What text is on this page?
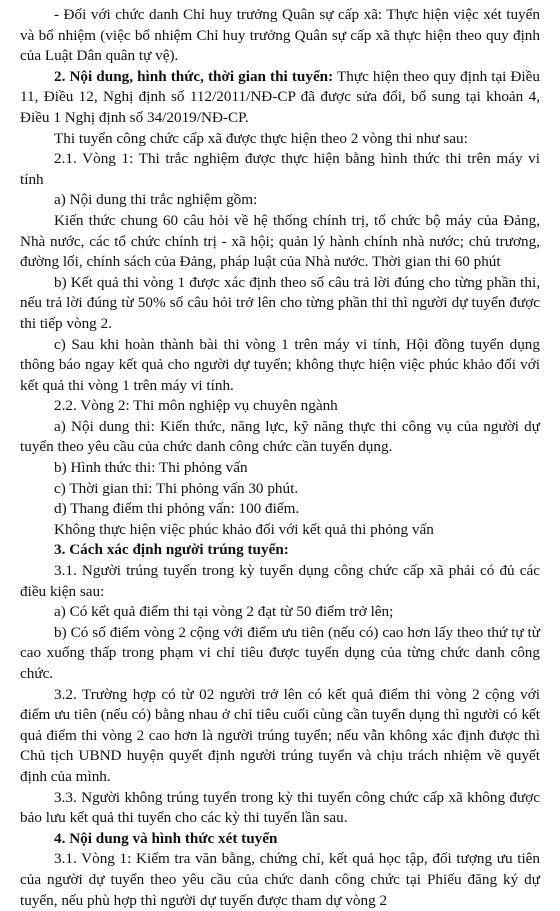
- Đối với chức danh Chỉ huy trưởng Quân sự cấp xã: Thực hiện việc xét tuyển và bổ nhiệm (việc bổ nhiệm Chỉ huy trưởng Quân sự cấp xã thực hiện theo quy định của Luật Dân quân tự vệ).

2. Nội dung, hình thức, thời gian thi tuyển: Thực hiện theo quy định tại Điều 11, Điều 12, Nghị định số 112/2011/NĐ-CP đã được sửa đổi, bổ sung tại khoản 4, Điều 1 Nghị định số 34/2019/NĐ-CP.

Thi tuyển công chức cấp xã được thực hiện theo 2 vòng thi như sau:

2.1. Vòng 1: Thi trắc nghiệm được thực hiện bằng hình thức thi trên máy vi tính

a) Nội dung thi trắc nghiệm gồm:

Kiến thức chung 60 câu hỏi về hệ thống chính trị, tổ chức bộ máy của Đảng, Nhà nước, các tổ chức chính trị - xã hội; quản lý hành chính nhà nước; chủ trương, đường lối, chính sách của Đảng, pháp luật của Nhà nước. Thời gian thi 60 phút

b) Kết quả thi vòng 1 được xác định theo số câu trả lời đúng cho từng phần thi, nếu trả lời đúng từ 50% số câu hỏi trở lên cho từng phần thi thì người dự tuyển được thi tiếp vòng 2.

c) Sau khi hoàn thành bài thi vòng 1 trên máy vi tính, Hội đồng tuyển dụng thông báo ngay kết quả cho người dự tuyển; không thực hiện việc phúc khảo đối với kết quả thi vòng 1 trên máy vi tính.

2.2. Vòng 2: Thi môn nghiệp vụ chuyên ngành

a) Nội dung thi: Kiến thức, năng lực, kỹ năng thực thi công vụ của người dự tuyển theo yêu cầu của chức danh công chức cần tuyển dụng.

b) Hình thức thi: Thi phỏng vấn

c) Thời gian thi: Thi phỏng vấn 30 phút.

d) Thang điểm thi phỏng vấn: 100 điểm.

Không thực hiện việc phúc khảo đối với kết quả thi phỏng vấn

3. Cách xác định người trúng tuyển:

3.1. Người trúng tuyển trong kỳ tuyển dụng công chức cấp xã phải có đủ các điều kiện sau:

a) Có kết quả điểm thi tại vòng 2 đạt từ 50 điểm trở lên;

b) Có số điểm vòng 2 cộng với điểm ưu tiên (nếu có) cao hơn lấy theo thứ tự từ cao xuống thấp trong phạm vi chỉ tiêu được tuyển dụng của từng chức danh công chức.

3.2. Trường hợp có từ 02 người trở lên có kết quả điểm thi vòng 2 cộng với điểm ưu tiên (nếu có) bằng nhau ở chỉ tiêu cuối cùng cần tuyển dụng thì người có kết quả điểm thi vòng 2 cao hơn là người trúng tuyển; nếu vẫn không xác định được thì Chủ tịch UBND huyện quyết định người trúng tuyển và chịu trách nhiệm về quyết định của mình.

3.3. Người không trúng tuyển trong kỳ thi tuyển công chức cấp xã không được bảo lưu kết quả thi tuyển cho các kỳ thi tuyển lần sau.

4. Nội dung và hình thức xét tuyển

3.1. Vòng 1: Kiểm tra văn bằng, chứng chỉ, kết quả học tập, đối tượng ưu tiên của người dự tuyển theo yêu cầu của chức danh công chức tại Phiếu đăng ký dự tuyển, nếu phù hợp thì người dự tuyển được tham dự vòng 2
